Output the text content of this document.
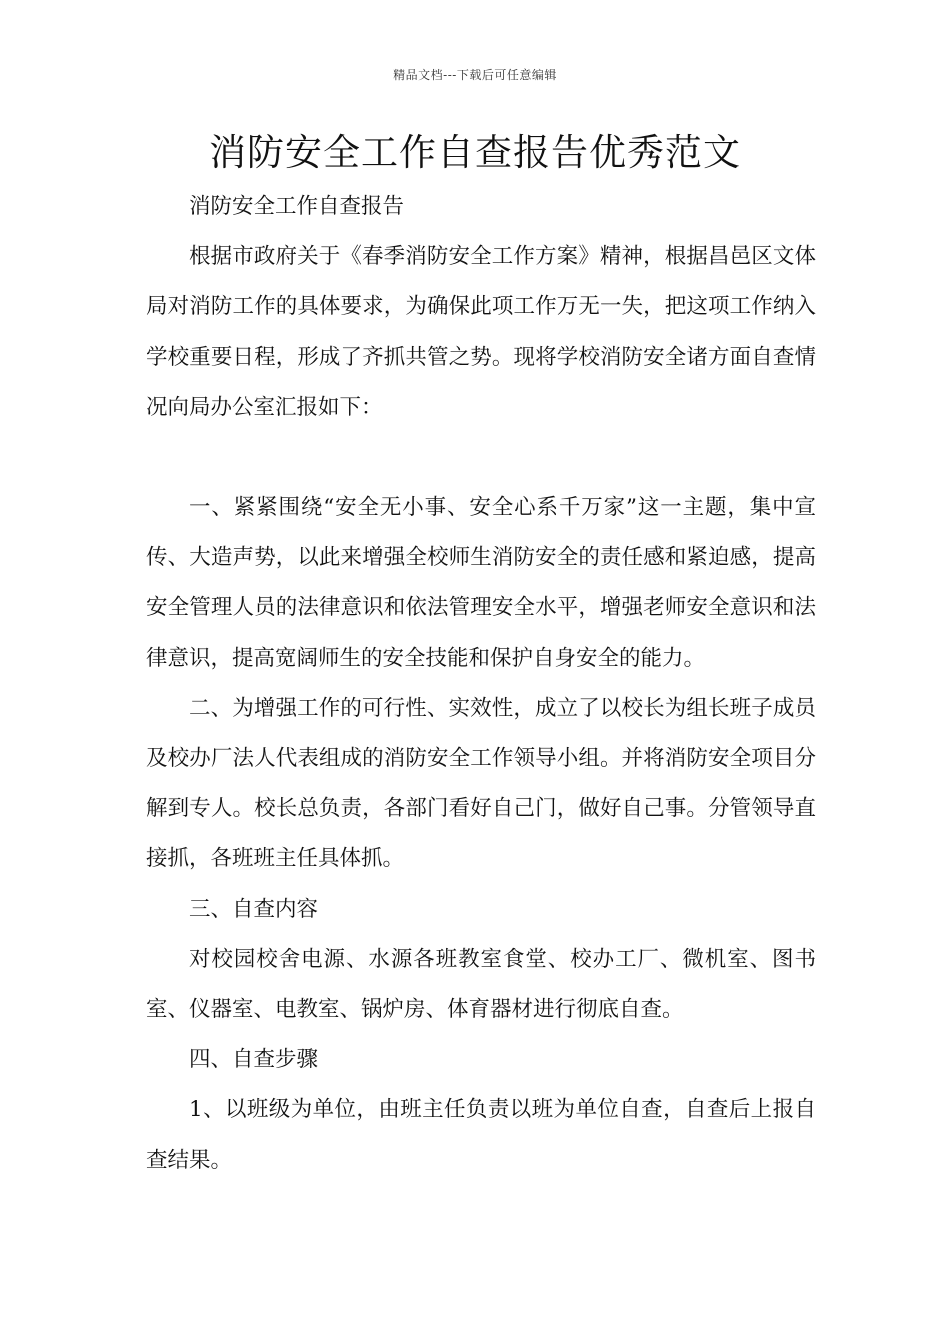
精品文档---下载后可任意编辑
消防安全工作自查报告优秀范文

消防安全工作自查报告

根据市政府关于《春季消防安全工作方案》精神，根据昌邑区文体局对消防工作的具体要求，为确保此项工作万无一失，把这项工作纳入学校重要日程，形成了齐抓共管之势。现将学校消防安全诸方面自查情况向局办公室汇报如下：

一、紧紧围绕“安全无小事、安全心系千万家”这一主题，集中宣传、大造声势，以此来增强全校师生消防安全的责任感和紧迫感，提高安全管理人员的法律意识和依法管理安全水平，增强老师安全意识和法律意识，提高宽阔师生的安全技能和保护自身安全的能力。

二、为增强工作的可行性、实效性，成立了以校长为组长班子成员及校办厂法人代表组成的消防安全工作领导小组。并将消防安全项目分解到专人。校长总负责，各部门看好自己门，做好自己事。分管领导直接抓，各班班主任具体抓。

三、自查内容

对校园校舍电源、水源各班教室食堂、校办工厂、微机室、图书室、仪器室、电教室、锅炉房、体育器材进行彻底自查。

四、自查步骤

1、以班级为单位，由班主任负责以班为单位自查，自查后上报自查结果。
